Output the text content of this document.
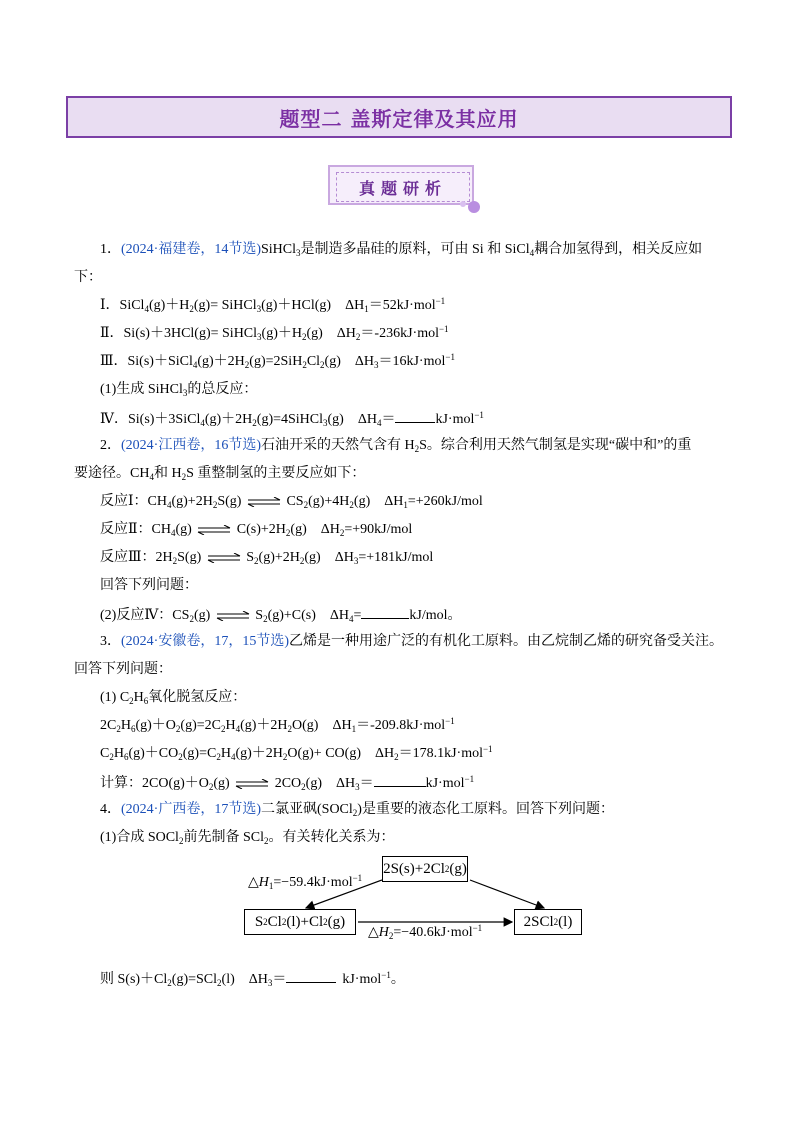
题型二 盖斯定律及其应用
真题研析
1．(2024·福建卷，14节选)SiHCl$_3$是制造多晶硅的原料，可由 Si 和 SiCl$_4$耦合加氢得到，相关反应如
下：
Ⅰ．$SiCl_4(g)+H_2(g)=$ SiHCl$_3$(g)＋HCl(g)　$\Delta H_1=52kJ\cdot mol^{-1}$
Ⅱ．$Si(s)+3HCl(g)= SiHCl_3(g)+H_2(g)$　$\Delta H_2=-236kJ\cdot mol^{-1}$
Ⅲ．$Si(s)+SiCl_4(g)+2H_2(g)=2SiH_2Cl_2(g)$　$\Delta H_3=16kJ\cdot mol^{-1}$
(1)生成 SiHCl$_3$的总反应：
Ⅳ．$Si(s)+3SiCl_4(g)+2H_2(g)=4SiHCl_3(g)$　$\Delta H_4=$	kJ·mol$^{-1}$
2．(2024·江西卷，16节选)石油开采的天然气含有 $H_2S$。综合利用天然气制氢是实现“碳中和”的重
要途径。$CH_4$和 $H_2S$ 重整制氢的主要反应如下：
反应Ⅰ：$CH_4(g)+2H_2S(g)$ ⇌ $CS_2(g)+4H_2(g)$　$\Delta H_1=+260kJ$/mol
反应Ⅱ：$CH_4(g)$ ⇌ $C(s)+2H_2(g)$　$\Delta H_2=+90kJ$/mol
反应Ⅲ：$2H_2S(g)$ ⇌ $S_2(g)+2H_2(g)$　$\Delta H_3=+181kJ$/mol
回答下列问题：
(2)反应Ⅳ：$CS_2(g)$ ⇌ $S_2(g)+C(s)$　$\Delta H_4=$	kJ/mol。
3．(2024·安徽卷，17，15节选)乙烯是一种用途广泛的有机化工原料。由乙烷制乙烯的研究备受关注。
回答下列问题：
(1) $C_2H_6$氧化脱氢反应：
$2C_2H_6(g)+O_2(g)=2C_2H_4(g)+2H_2O(g)$　$\Delta H_1=-209.8kJ\cdot mol^{-1}$
$C_2H_6(g)+CO_2(g)=C_2H_4(g)+2H_2O(g)+ CO(g)$　$\Delta H_2=178.1kJ\cdot mol^{-1}$
计算：$2CO(g)+O_2(g)$ ⇌ $2CO_2(g)$　$\Delta H_3=$	kJ·mol$^{-1}$
4．(2024·广西卷，17节选)二氯亚砜(SOCl$_2$)是重要的液态化工原料。回答下列问题：
(1)合成 SOCl$_2$前先制备 SCl$_2$。有关转化关系为：
2S(s)+2Cl 2 (g)
S 2 Cl 2 (l)+Cl 2 (g)	2SCl 2 (l)
$\triangle H_1=-59.4kJ\cdot mol^{-1}$
$\triangle H_2=-40.6kJ\cdot mol^{-1}$
则 $S(s)+Cl_2(g)=SCl_2(l)$　$\Delta H_3=$	kJ·mol$^{-1}$。
